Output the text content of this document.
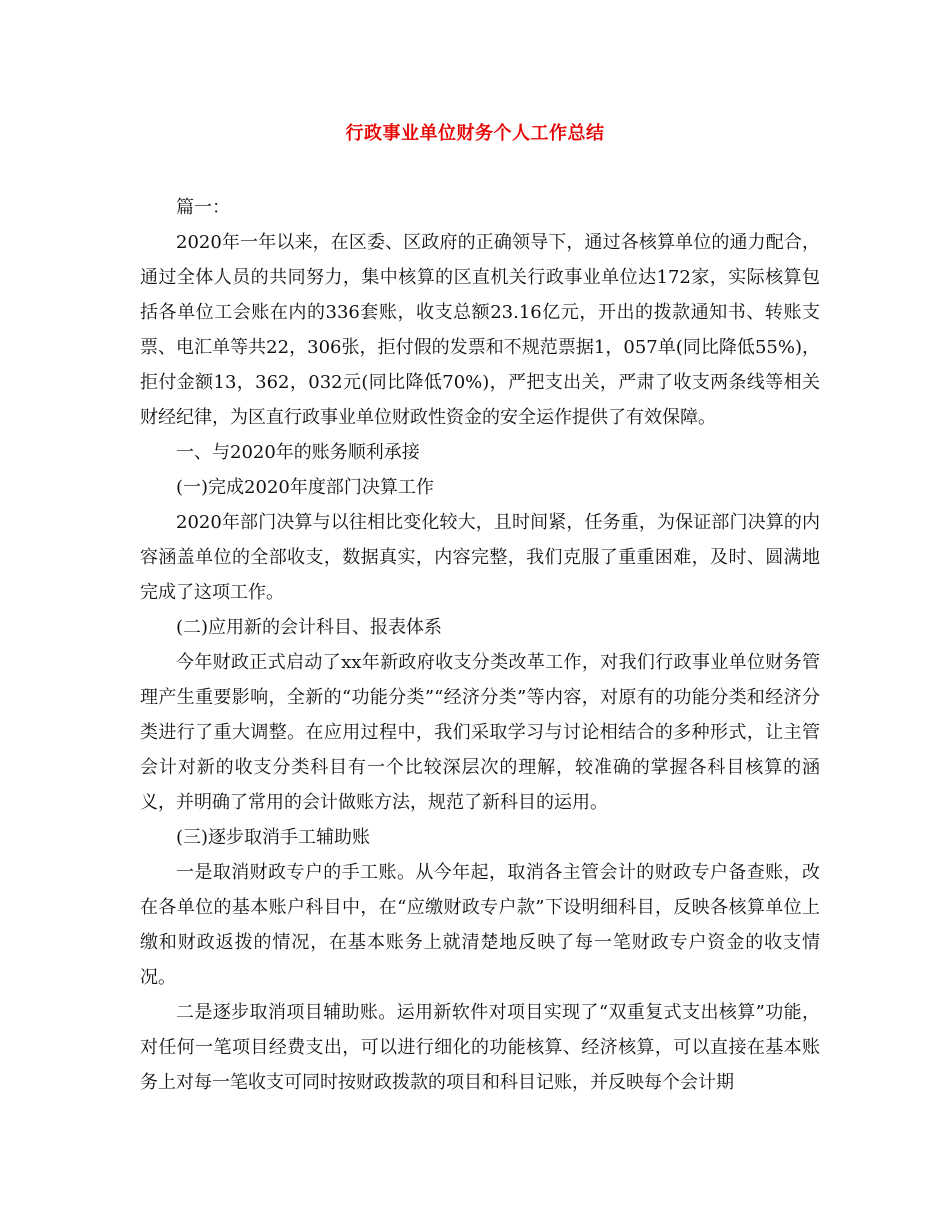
行政事业单位财务个人工作总结

篇一：

2020年一年以来，在区委、区政府的正确领导下，通过各核算单位的通力配合，通过全体人员的共同努力，集中核算的区直机关行政事业单位达172家，实际核算包括各单位工会账在内的336套账，收支总额23.16亿元，开出的拨款通知书、转账支票、电汇单等共22，306张，拒付假的发票和不规范票据1，057单(同比降低55%)，拒付金额13，362，032元(同比降低70%)，严把支出关，严肃了收支两条线等相关财经纪律，为区直行政事业单位财政性资金的安全运作提供了有效保障。

一、与2020年的账务顺利承接

(一)完成2020年度部门决算工作

2020年部门决算与以往相比变化较大，且时间紧，任务重，为保证部门决算的内容涵盖单位的全部收支，数据真实，内容完整，我们克服了重重困难，及时、圆满地完成了这项工作。

(二)应用新的会计科目、报表体系

今年财政正式启动了xx年新政府收支分类改革工作，对我们行政事业单位财务管理产生重要影响，全新的“功能分类”“经济分类”等内容，对原有的功能分类和经济分类进行了重大调整。在应用过程中，我们采取学习与讨论相结合的多种形式，让主管会计对新的收支分类科目有一个比较深层次的理解，较准确的掌握各科目核算的涵义，并明确了常用的会计做账方法，规范了新科目的运用。

(三)逐步取消手工辅助账

一是取消财政专户的手工账。从今年起，取消各主管会计的财政专户备查账，改在各单位的基本账户科目中，在“应缴财政专户款”下设明细科目，反映各核算单位上缴和财政返拨的情况，在基本账务上就清楚地反映了每一笔财政专户资金的收支情况。

二是逐步取消项目辅助账。运用新软件对项目实现了“双重复式支出核算”功能，对任何一笔项目经费支出，可以进行细化的功能核算、经济核算，可以直接在基本账务上对每一笔收支可同时按财政拨款的项目和科目记账，并反映每个会计期
